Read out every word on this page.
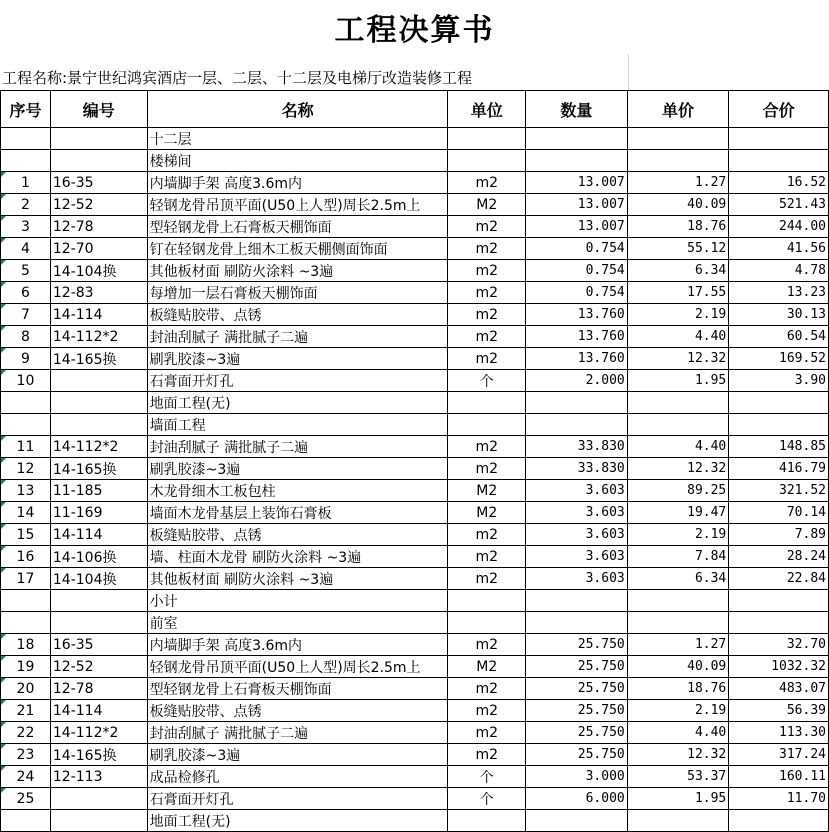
工程决算书
工程名称:景宁世纪鸿宾酒店一层、二层、十二层及电梯厅改造装修工程
序号	编号	名称	单位	数量	单价	合价
		十二层				
		楼梯间				

1	16-35	内墙脚手架 高度3.6m内	m2	13.007	1.27	16.52

2	12-52	轻钢龙骨吊顶平面(U50上人型)周长2.5m上	M2	13.007	40.09	521.43

3	12-78	型轻钢龙骨上石膏板天棚饰面	m2	13.007	18.76	244.00

4	12-70	钉在轻钢龙骨上细木工板天棚侧面饰面	m2	0.754	55.12	41.56

5	14-104换	其他板材面 刷防火涂料 ~3遍	m2	0.754	6.34	4.78

6	12-83	每增加一层石膏板天棚饰面	m2	0.754	17.55	13.23

7	14-114	板缝贴胶带、点锈	m2	13.760	2.19	30.13

8	14-112*2	封油刮腻子 满批腻子二遍	m2	13.760	4.40	60.54

9	14-165换	刷乳胶漆~3遍	m2	13.760	12.32	169.52

10		石膏面开灯孔	个	2.000	1.95	3.90
		地面工程(无)				
		墙面工程				

11	14-112*2	封油刮腻子 满批腻子二遍	m2	33.830	4.40	148.85

12	14-165换	刷乳胶漆~3遍	m2	33.830	12.32	416.79

13	11-185	木龙骨细木工板包柱	M2	3.603	89.25	321.52

14	11-169	墙面木龙骨基层上装饰石膏板	M2	3.603	19.47	70.14

15	14-114	板缝贴胶带、点锈	m2	3.603	2.19	7.89

16	14-106换	墙、柱面木龙骨 刷防火涂料 ~3遍	m2	3.603	7.84	28.24

17	14-104换	其他板材面 刷防火涂料 ~3遍	m2	3.603	6.34	22.84
		小计				
		前室				

18	16-35	内墙脚手架 高度3.6m内	m2	25.750	1.27	32.70

19	12-52	轻钢龙骨吊顶平面(U50上人型)周长2.5m上	M2	25.750	40.09	1032.32

20	12-78	型轻钢龙骨上石膏板天棚饰面	m2	25.750	18.76	483.07

21	14-114	板缝贴胶带、点锈	m2	25.750	2.19	56.39

22	14-112*2	封油刮腻子 满批腻子二遍	m2	25.750	4.40	113.30

23	14-165换	刷乳胶漆~3遍	m2	25.750	12.32	317.24

24	12-113	成品检修孔	个	3.000	53.37	160.11

25		石膏面开灯孔	个	6.000	1.95	11.70
		地面工程(无)				
